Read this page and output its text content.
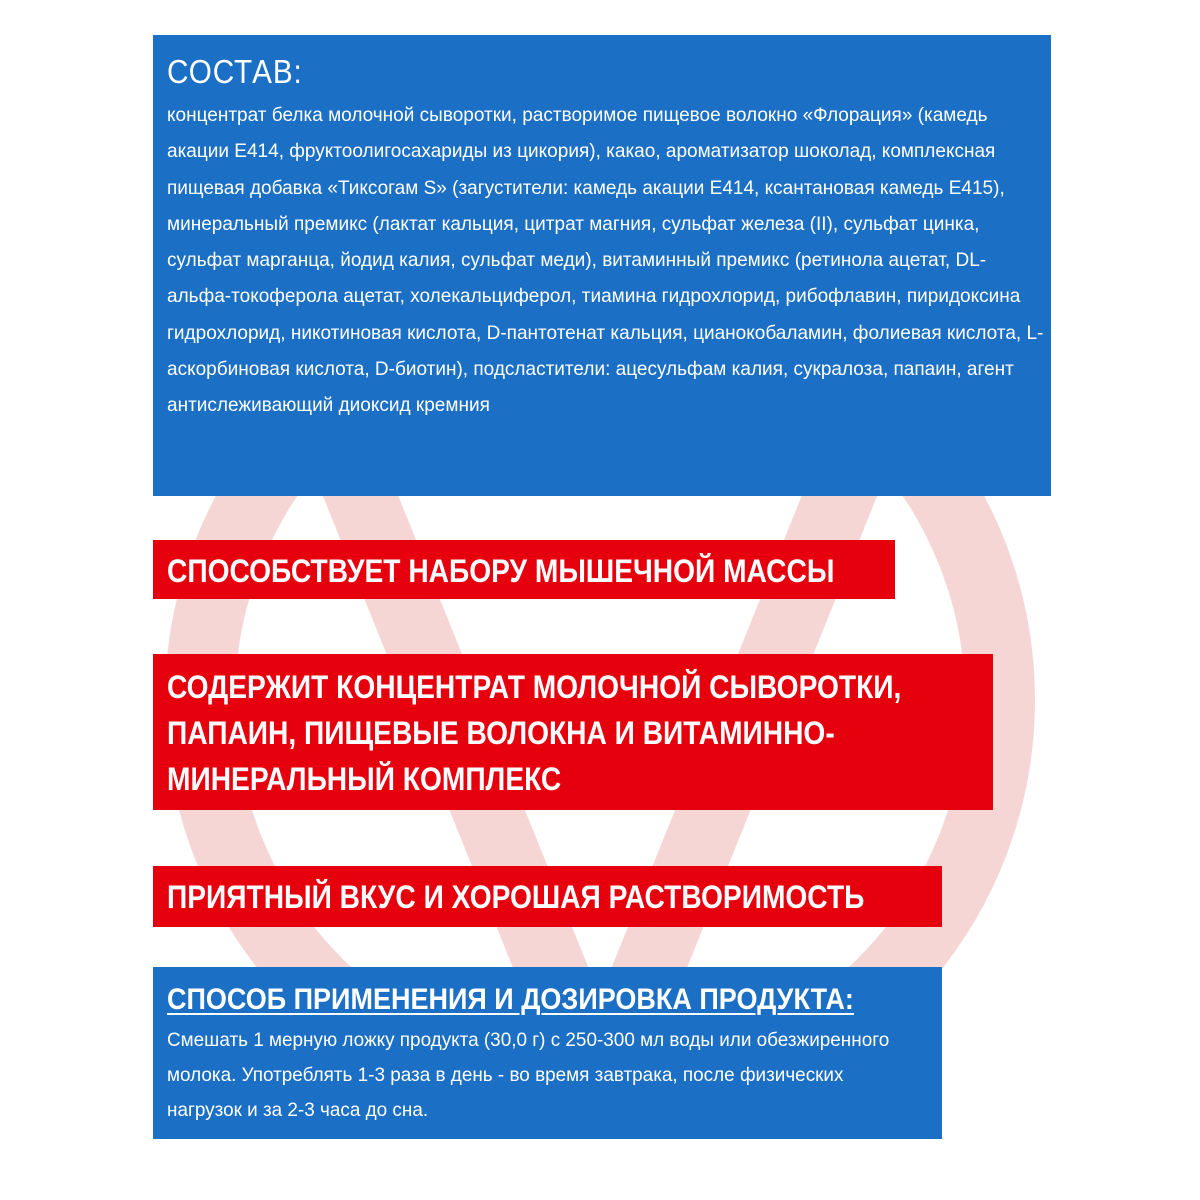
СОСТАВ:

концентрат белка молочной сыворотки, растворимое пищевое волокно «Флорация» (камедь акации Е414, фруктоолигосахариды из цикория), какао, ароматизатор шоколад, комплексная пищевая добавка «Тиксогам S» (загустители: камедь акации Е414, ксантановая камедь Е415), минеральный премикс (лактат кальция, цитрат магния, сульфат железа (II), сульфат цинка, сульфат марганца, йодид калия, сульфат меди), витаминный премикс (ретинола ацетат, DL- альфа-токоферола ацетат, холекальциферол, тиамина гидрохлорид, рибофлавин, пиридоксина гидрохлорид, никотиновая кислота, D-пантотенат кальция, цианокобаламин, фолиевая кислота, L-аскорбиновая кислота, D-биотин), подсластители: ацесульфам калия, сукралоза, папаин, агент антислеживающий диоксид кремния

СПОСОБСТВУЕТ НАБОРУ МЫШЕЧНОЙ МАССЫ
СОДЕРЖИТ КОНЦЕНТРАТ МОЛОЧНОЙ СЫВОРОТКИ,
ПАПАИН, ПИЩЕВЫЕ ВОЛОКНА И ВИТАМИННО-
МИНЕРАЛЬНЫЙ КОМПЛЕКС
ПРИЯТНЫЙ ВКУС И ХОРОШАЯ РАСТВОРИМОСТЬ
СПОСОБ ПРИМЕНЕНИЯ И ДОЗИРОВКА ПРОДУКТА:

Смешать 1 мерную ложку продукта (30,0 г) с 250-300 мл воды или обезжиренного молока. Употреблять 1-3 раза в день - во время завтрака, после физических нагрузок и за 2-3 часа до сна.
